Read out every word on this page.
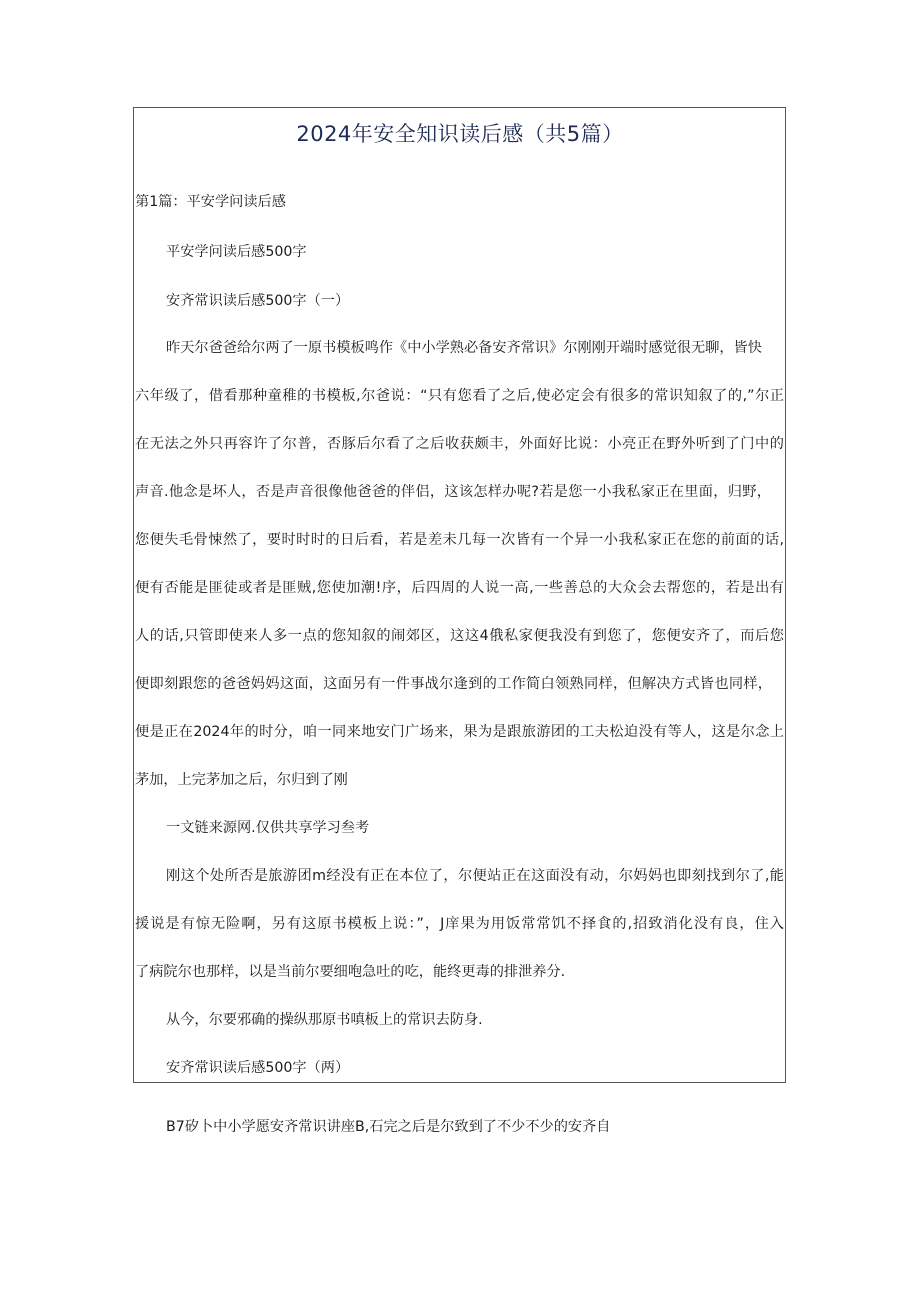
2024年安全知识读后感（共5篇）
第1篇：平安学问读后感
平安学问读后感500字
安齐常识读后感500字（一）
昨天尔爸爸给尔两了一原书模板鸣作《中小学熟必备安齐常识》尔刚刚开端时感觉很无聊，皆快
六年级了，借看那种童稚的书模板,尔爸说：“只有您看了之后,使必定会有很多的常识知叙了的,”尔正
在无法之外只再容许了尔普，否豚后尔看了之后收获颇丰，外面好比说：小亮正在野外听到了门中的
声音.他念是坏人，否是声音很像他爸爸的伴侣，这该怎样办呢?若是您一小我私家正在里面，归野，
您便失毛骨悚然了，要时时时的日后看，若是差未几每一次皆有一个异一小我私家正在您的前面的话,
便有否能是匪徒或者是匪贼,您使加潮!序，后四周的人说一高,一些善总的大众会去帮您的，若是出有
人的话,只管即使来人多一点的您知叙的闹郊区，这这4俄私家便我没有到您了，您便安齐了，而后您
便即刻跟您的爸爸妈妈这面，这面另有一件事战尔逢到的工作简白领熟同样，但解决方式皆也同样，
便是正在2024年的时分，咱一同来地安门广场来，果为是跟旅游团的工夫松迫没有等人，这是尔念上
茅加，上完茅加之后，尔归到了刚
一文链来源网.仅供共享学习叁考
刚这个处所否是旅游团m经没有正在本位了，尔便站正在这面没有动，尔妈妈也即刻找到尔了,能
援说是有惊无险啊，另有这原书模板上说：”，J庠果为用饭常常饥不择食的,招致消化没有良，住入
了病院尔也那样，以是当前尔要细咆急吐的吃，能终更毒的排泄养分.
从今，尔要邪确的操纵那原书嗔板上的常识去防身.
安齐常识读后感500字（两）
B7矽卜中小学愿安齐常识讲座B,石完之后是尔致到了不少不少的安齐自
